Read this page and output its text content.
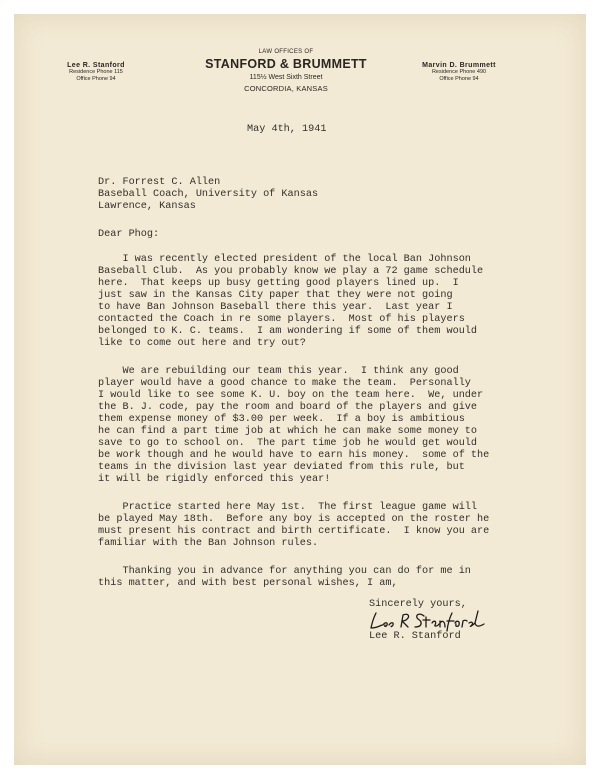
Lee R. Stanford
Residence Phone 115
Office Phone 94
LAW OFFICES OF
STANFORD & BRUMMETT
115½ West Sixth Street
CONCORDIA, KANSAS
Marvin D. Brummett
Residence Phone 490
Office Phone 94
May 4th, 1941
Dr. Forrest C. Allen
Baseball Coach, University of Kansas
Lawrence, Kansas
Dear Phog:
I was recently elected president of the local Ban Johnson
Baseball Club.  As you probably know we play a 72 game schedule
here.  That keeps up busy getting good players lined up.  I
just saw in the Kansas City paper that they were not going
to have Ban Johnson Baseball there this year.  Last year I
contacted the Coach in re some players.  Most of his players
belonged to K. C. teams.  I am wondering if some of them would
like to come out here and try out?
We are rebuilding our team this year.  I think any good
player would have a good chance to make the team.  Personally
I would like to see some K. U. boy on the team here.  We, under
the B. J. code, pay the room and board of the players and give
them expense money of $3.00 per week.  If a boy is ambitious
he can find a part time job at which he can make some money to
save to go to school on.  The part time job he would get would
be work though and he would have to earn his money.  some of the
teams in the division last year deviated from this rule, but
it will be rigidly enforced this year!
Practice started here May 1st.  The first league game will
be played May 18th.  Before any boy is accepted on the roster he
must present his contract and birth certificate.  I know you are
familiar with the Ban Johnson rules.
Thanking you in advance for anything you can do for me in
this matter, and with best personal wishes, I am,
Sincerely yours,
Lee R. Stanford
